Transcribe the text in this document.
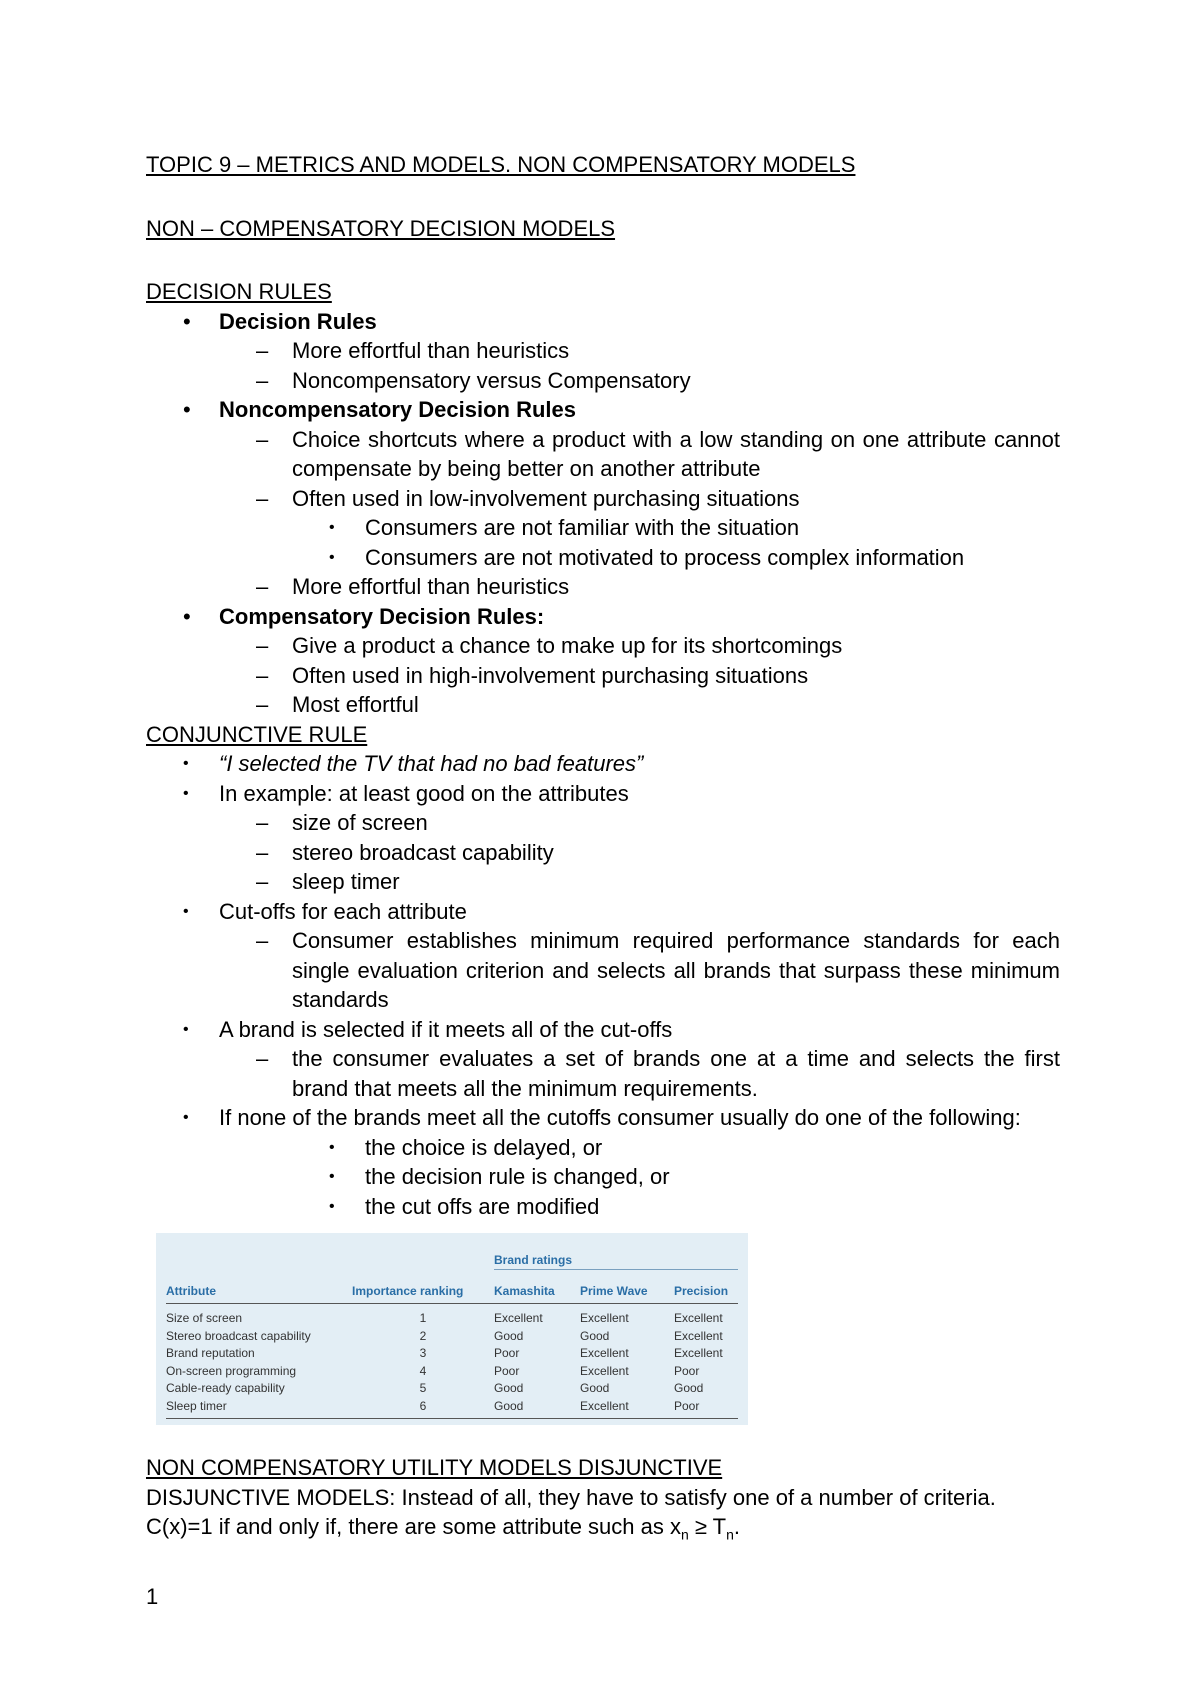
TOPIC 9 – METRICS AND MODELS. NON COMPENSATORY MODELS

NON – COMPENSATORY DECISION MODELS

DECISION RULES

• Decision Rules
– More effortful than heuristics
– Noncompensatory versus Compensatory
• Noncompensatory Decision Rules
– Choice shortcuts where a product with a low standing on one attribute cannot compensate by being better on another attribute
– Often used in low-involvement purchasing situations
• Consumers are not familiar with the situation
• Consumers are not motivated to process complex information
– More effortful than heuristics
• Compensatory Decision Rules:
– Give a product a chance to make up for its shortcomings
– Often used in high-involvement purchasing situations
– Most effortful

CONJUNCTIVE RULE

• “I selected the TV that had no bad features”
• In example: at least good on the attributes
– size of screen
– stereo broadcast capability
– sleep timer
• Cut-offs for each attribute
– Consumer establishes minimum required performance standards for each single evaluation criterion and selects all brands that surpass these minimum standards
• A brand is selected if it meets all of the cut-offs
– the consumer evaluates a set of brands one at a time and selects the first brand that meets all the minimum requirements.
• If none of the brands meet all the cutoffs consumer usually do one of the following:
• the choice is delayed, or
• the decision rule is changed, or
• the cut offs are modified
		Brand ratings		
Attribute	Importance ranking	Kamashita	Prime Wave	Precision
Size of screen	1	Excellent	Excellent	Excellent
Stereo broadcast capability	2	Good	Good	Excellent
Brand reputation	3	Poor	Excellent	Excellent
On-screen programming	4	Poor	Excellent	Poor
Cable-ready capability	5	Good	Good	Good
Sleep timer	6	Good	Excellent	Poor

NON COMPENSATORY UTILITY MODELS DISJUNCTIVE

DISJUNCTIVE MODELS: Instead of all, they have to satisfy one of a number of criteria. C(x)=1 if and only if, there are some attribute such as $x_n \ge T_n$.

1
